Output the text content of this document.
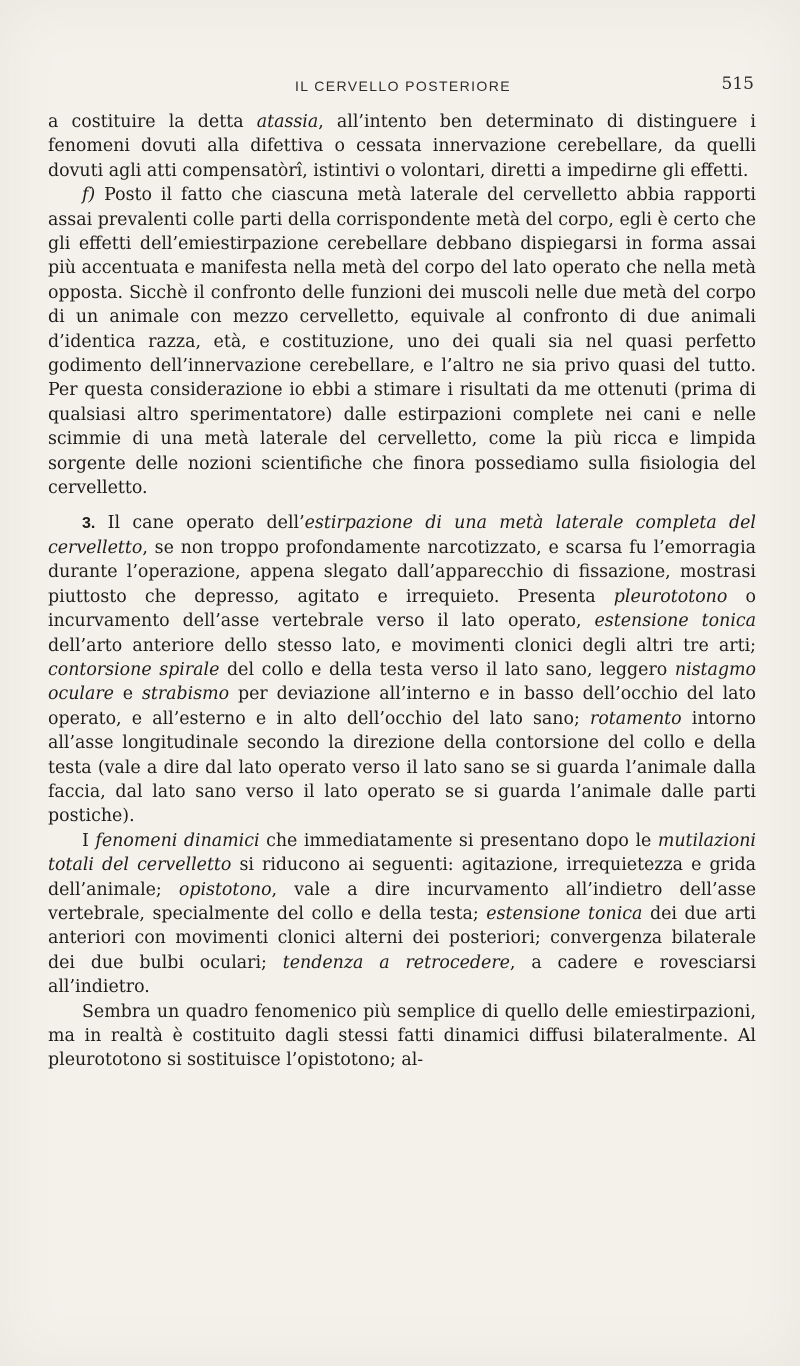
IL CERVELLO POSTERIORE	515

a costituire la detta atassia, all’intento ben determinato di distinguere i fenomeni dovuti alla difettiva o cessata innervazione cerebellare, da quelli dovuti agli atti compensatòrî, istintivi o volontari, diretti a impedirne gli effetti.

f) Posto il fatto che ciascuna metà laterale del cervelletto abbia rapporti assai prevalenti colle parti della corrispondente metà del corpo, egli è certo che gli effetti dell’emiestirpazione cerebellare debbano dispiegarsi in forma assai più accentuata e manifesta nella metà del corpo del lato operato che nella metà opposta. Sicchè il confronto delle funzioni dei muscoli nelle due metà del corpo di un animale con mezzo cervelletto, equivale al confronto di due animali d’identica razza, età, e costituzione, uno dei quali sia nel quasi perfetto godimento dell’innervazione cerebellare, e l’altro ne sia privo quasi del tutto. Per questa considerazione io ebbi a stimare i risultati da me ottenuti (prima di qualsiasi altro sperimentatore) dalle estirpazioni complete nei cani e nelle scimmie di una metà laterale del cervelletto, come la più ricca e limpida sorgente delle nozioni scientifiche che finora possediamo sulla fisiologia del cervelletto.

3. Il cane operato dell’estirpazione di una metà laterale completa del cervelletto, se non troppo profondamente narcotizzato, e scarsa fu l’emorragia durante l’operazione, appena slegato dall’apparecchio di fissazione, mostrasi piuttosto che depresso, agitato e irrequieto. Presenta pleurototono o incurvamento dell’asse vertebrale verso il lato operato, estensione tonica dell’arto anteriore dello stesso lato, e movimenti clonici degli altri tre arti; contorsione spirale del collo e della testa verso il lato sano, leggero nistagmo oculare e strabismo per deviazione all’interno e in basso dell’occhio del lato operato, e all’esterno e in alto dell’occhio del lato sano; rotamento intorno all’asse longitudinale secondo la direzione della contorsione del collo e della testa (vale a dire dal lato operato verso il lato sano se si guarda l’animale dalla faccia, dal lato sano verso il lato operato se si guarda l’animale dalle parti postiche).

I fenomeni dinamici che immediatamente si presentano dopo le mutilazioni totali del cervelletto si riducono ai seguenti: agitazione, irrequietezza e grida dell’animale; opistotono, vale a dire incurvamento all’indietro dell’asse vertebrale, specialmente del collo e della testa; estensione tonica dei due arti anteriori con movimenti clonici alterni dei posteriori; convergenza bilaterale dei due bulbi oculari; tendenza a retrocedere, a cadere e rovesciarsi all’indietro.

Sembra un quadro fenomenico più semplice di quello delle emiestirpazioni, ma in realtà è costituito dagli stessi fatti dinamici diffusi bilateralmente. Al pleurototono si sostituisce l’opistotono; al-
